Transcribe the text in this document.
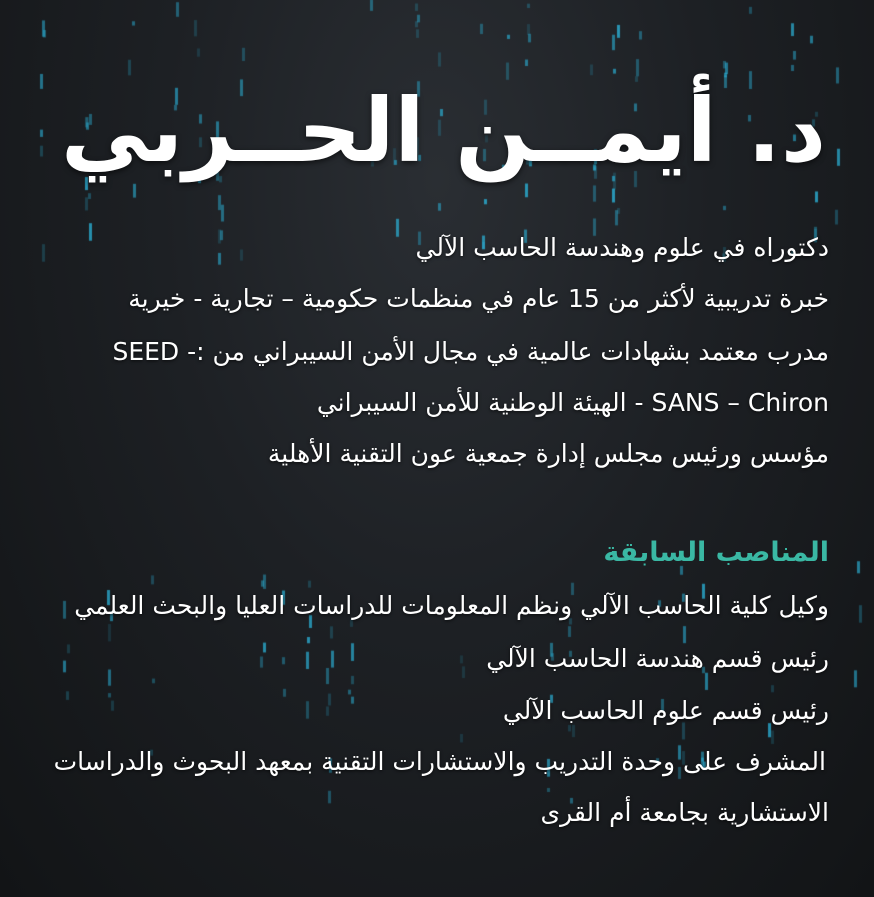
د. أيمــن الحــربي
دكتوراه في علوم وهندسة الحاسب الآلي
خبرة تدريبية لأكثر من 15 عام في منظمات حكومية – تجارية - خيرية
مدرب معتمد بشهادات عالمية في مجال الأمن السيبراني من :- SEED
SANS – Chiron - الهيئة الوطنية للأمن السيبراني
مؤسس ورئيس مجلس إدارة جمعية عون التقنية الأهلية
المناصب السابقة
وكيل كلية الحاسب الآلي ونظم المعلومات للدراسات العليا والبحث العلمي
رئيس قسم هندسة الحاسب الآلي
رئيس قسم علوم الحاسب الآلي
المشرف على وحدة التدريب والاستشارات التقنية بمعهد البحوث والدراسات
الاستشارية بجامعة أم القرى
